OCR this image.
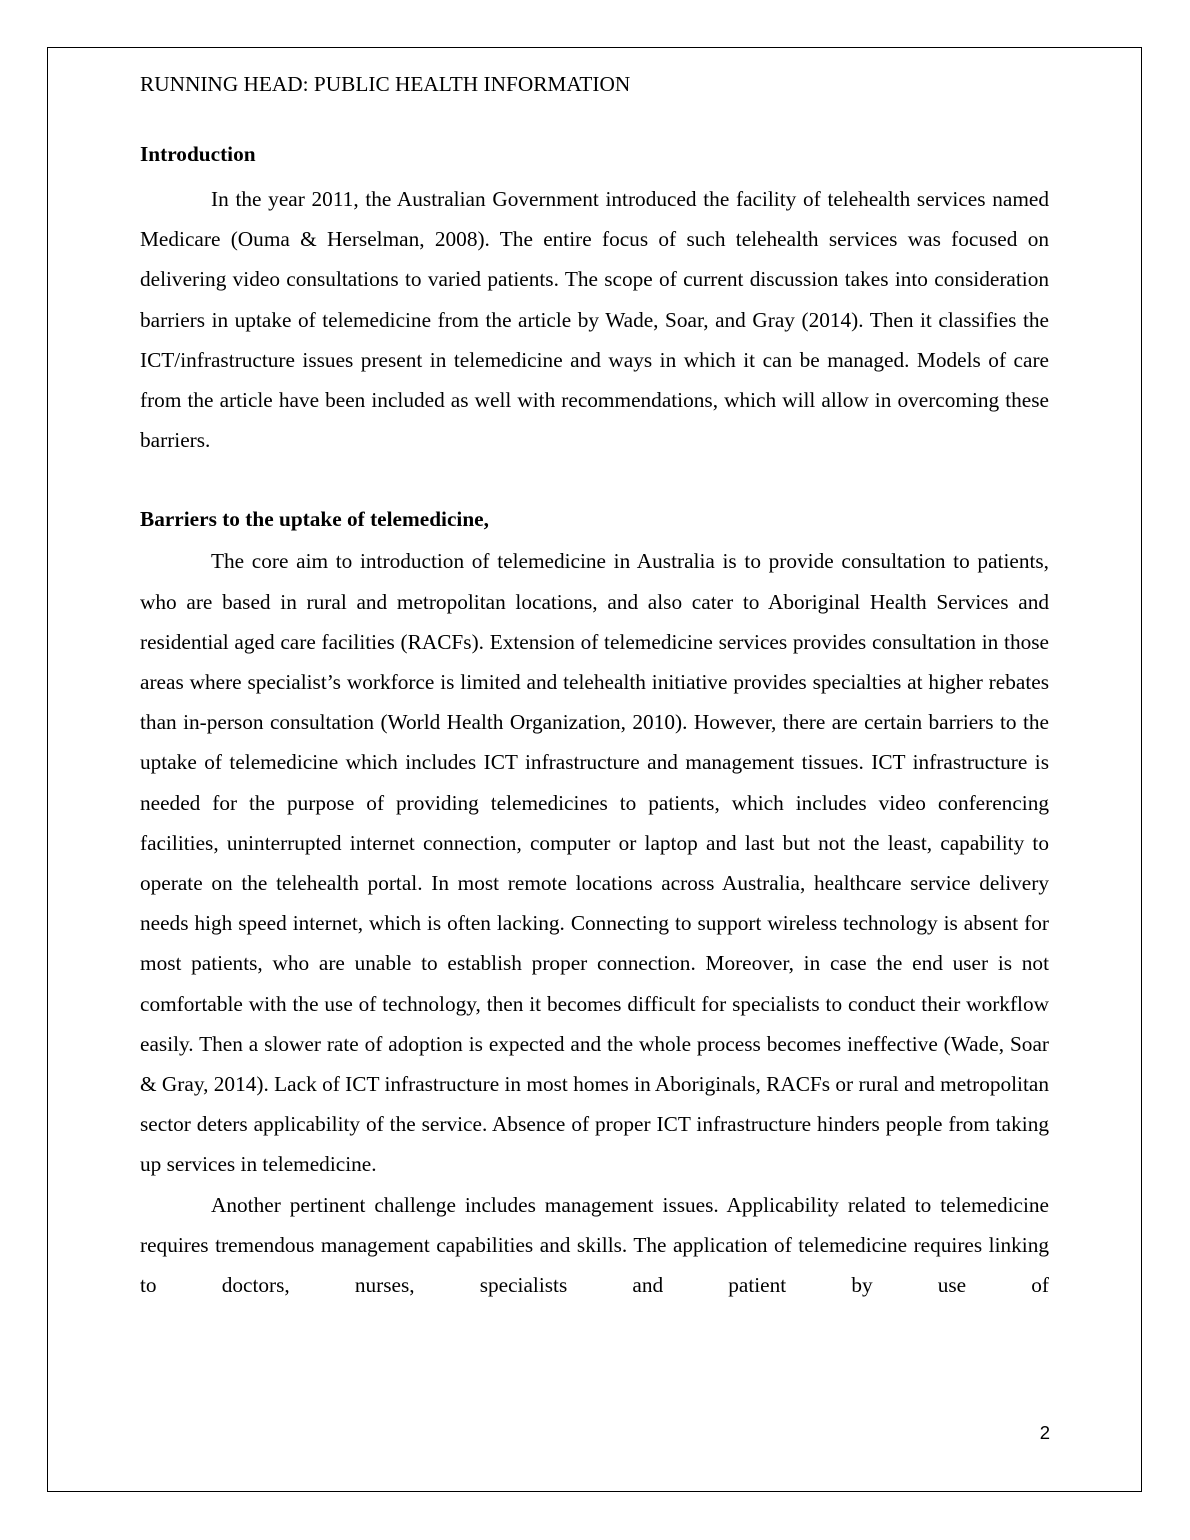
RUNNING HEAD: PUBLIC HEALTH INFORMATION
Introduction

In the year 2011, the Australian Government introduced the facility of telehealth services named Medicare (Ouma & Herselman, 2008). The entire focus of such telehealth services was focused on delivering video consultations to varied patients. The scope of current discussion takes into consideration barriers in uptake of telemedicine from the article by Wade, Soar, and Gray (2014). Then it classifies the ICT/infrastructure issues present in telemedicine and ways in which it can be managed. Models of care from the article have been included as well with recommendations, which will allow in overcoming these barriers.

Barriers to the uptake of telemedicine,

The core aim to introduction of telemedicine in Australia is to provide consultation to patients, who are based in rural and metropolitan locations, and also cater to Aboriginal Health Services and residential aged care facilities (RACFs). Extension of telemedicine services provides consultation in those areas where specialist’s workforce is limited and telehealth initiative provides specialties at higher rebates than in-person consultation (World Health Organization, 2010). However, there are certain barriers to the uptake of telemedicine which includes ICT infrastructure and management tissues. ICT infrastructure is needed for the purpose of providing telemedicines to patients, which includes video conferencing facilities, uninterrupted internet connection, computer or laptop and last but not the least, capability to operate on the telehealth portal. In most remote locations across Australia, healthcare service delivery needs high speed internet, which is often lacking. Connecting to support wireless technology is absent for most patients, who are unable to establish proper connection. Moreover, in case the end user is not comfortable with the use of technology, then it becomes difficult for specialists to conduct their workflow easily. Then a slower rate of adoption is expected and the whole process becomes ineffective (Wade, Soar & Gray, 2014). Lack of ICT infrastructure in most homes in Aboriginals, RACFs or rural and metropolitan sector deters applicability of the service. Absence of proper ICT infrastructure hinders people from taking up services in telemedicine.

Another pertinent challenge includes management issues. Applicability related to telemedicine requires tremendous management capabilities and skills. The application of telemedicine requires linking to doctors, nurses, specialists and patient by use of

2
